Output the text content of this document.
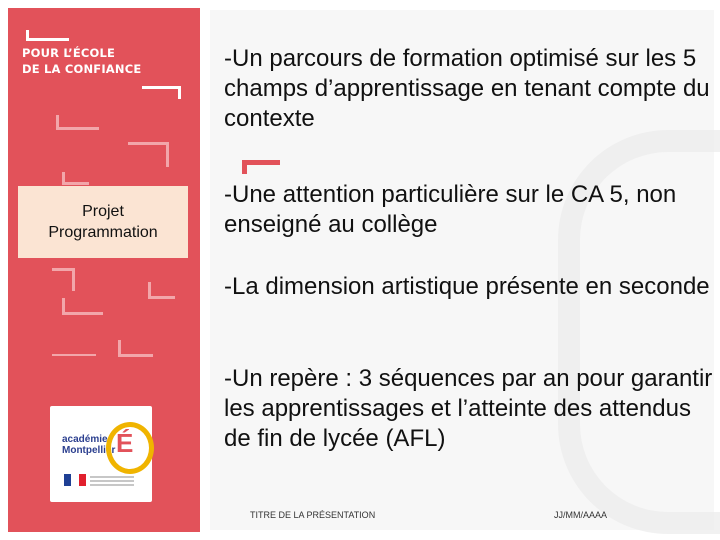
POUR L’ÉCOLE
DE LA CONFIANCE
Projet
Programmation
académie
Montpellier É
-Un parcours de formation optimisé sur les 5 champs d’apprentissage en tenant compte du contexte
-Une attention particulière sur le CA 5, non enseigné au collège
-La dimension artistique présente en seconde
-Un repère : 3 séquences par an pour garantir les apprentissages et l’atteinte des attendus de fin de lycée (AFL)
TITRE DE LA PRÉSENTATION	JJ/MM/AAAA
